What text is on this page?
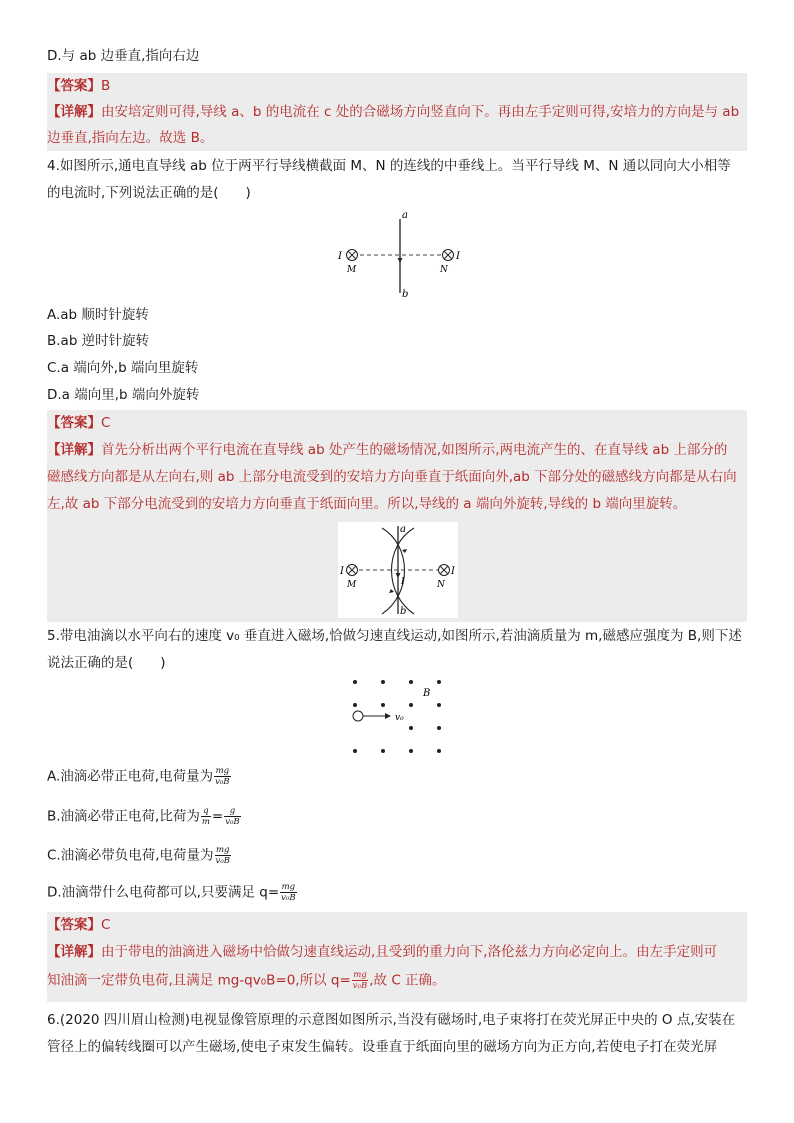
D.与 ab 边垂直,指向右边
【答案】B
【详解】由安培定则可得,导线 a、b 的电流在 c 处的合磁场方向竖直向下。再由左手定则可得,安培力的方向是与 ab
边垂直,指向左边。故选 B。
4.如图所示,通电直导线 ab 位于两平行导线横截面 M、N 的连线的中垂线上。当平行导线 M、N 通以同向大小相等
的电流时,下列说法正确的是(　　)
a
b
I	I
M	N
A.ab 顺时针旋转
B.ab 逆时针旋转
C.a 端向外,b 端向里旋转
D.a 端向里,b 端向外旋转
【答案】C
【详解】首先分析出两个平行电流在直导线 ab 处产生的磁场情况,如图所示,两电流产生的、在直导线 ab 上部分的
磁感线方向都是从左向右,则 ab 上部分电流受到的安培力方向垂直于纸面向外,ab 下部分处的磁感线方向都是从右向
左,故 ab 下部分电流受到的安培力方向垂直于纸面向里。所以,导线的 a 端向外旋转,导线的 b 端向里旋转。
a
b
I
I	I
M	N
5.带电油滴以水平向右的速度 v₀ 垂直进入磁场,恰做匀速直线运动,如图所示,若油滴质量为 m,磁感应强度为 B,则下述
说法正确的是(　　)
v₀
B
A.油滴必带正电荷,电荷量为 $\frac{mg}{\text{v₀B}}$
B.油滴必带正电荷,比荷为 $\frac{q}{m} = \frac{g}{\text{v₀B}}$
C.油滴必带负电荷,电荷量为 $\frac{mg}{\text{v₀B}}$
D.油滴带什么电荷都可以,只要满足 $q= \frac{mg}{\text{v₀B}}$
【答案】C
【详解】由于带电的油滴进入磁场中恰做匀速直线运动,且受到的重力向下,洛伦兹力方向必定向上。由左手定则可
知油滴一定带负电荷,且满足 mg-qv₀B=0,所以 $q= \frac{mg}{\text{v₀B}}$ ,故 C 正确。
6.(2020 四川眉山检测)电视显像管原理的示意图如图所示,当没有磁场时,电子束将打在荧光屏正中央的 O 点,安装在
管径上的偏转线圈可以产生磁场,使电子束发生偏转。设垂直于纸面向里的磁场方向为正方向,若使电子打在荧光屏
